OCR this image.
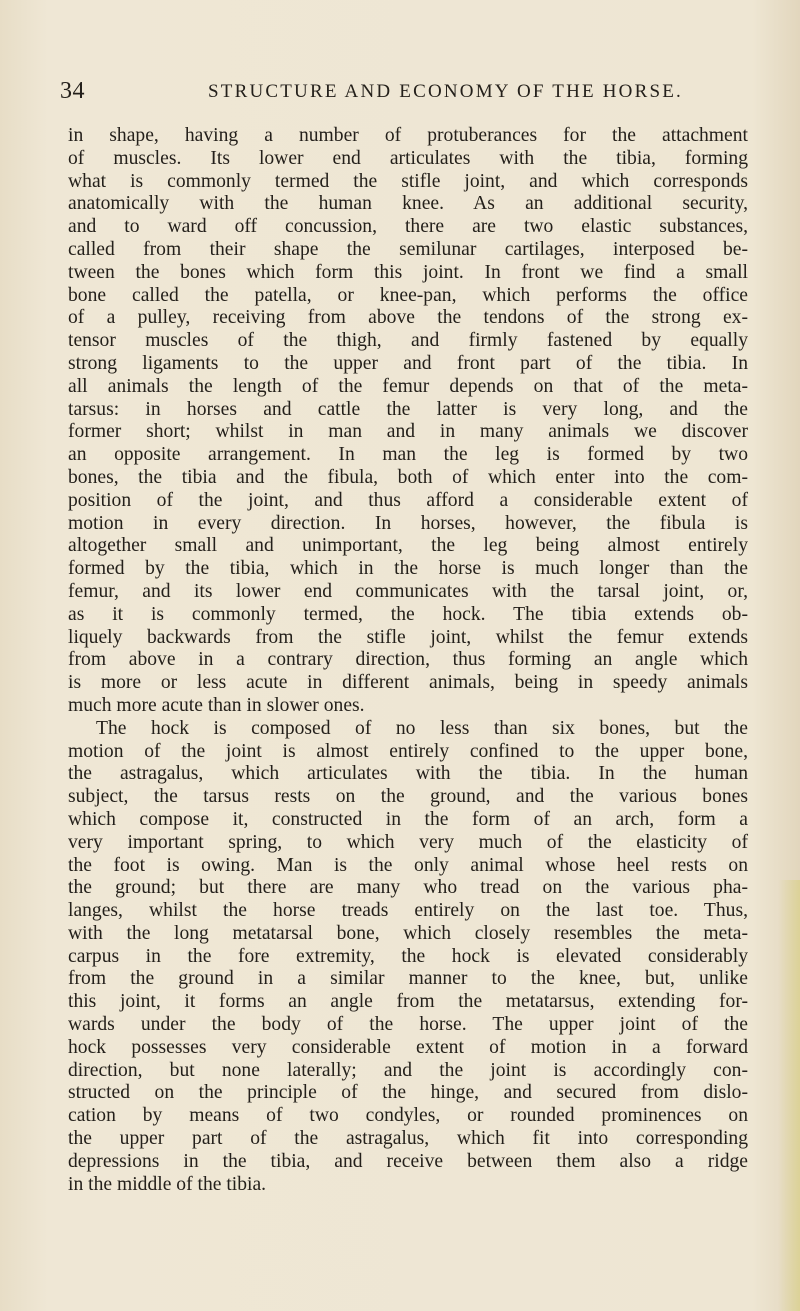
34	STRUCTURE AND ECONOMY OF THE HORSE.
in shape, having a number of protuberances for the attachment
of muscles. Its lower end articulates with the tibia, forming
what is commonly termed the stifle joint, and which corresponds
anatomically with the human knee. As an additional security,
and to ward off concussion, there are two elastic substances,
called from their shape the semilunar cartilages, interposed be-
tween the bones which form this joint. In front we find a small
bone called the patella, or knee-pan, which performs the office
of a pulley, receiving from above the tendons of the strong ex-
tensor muscles of the thigh, and firmly fastened by equally
strong ligaments to the upper and front part of the tibia. In
all animals the length of the femur depends on that of the meta-
tarsus: in horses and cattle the latter is very long, and the
former short; whilst in man and in many animals we discover
an opposite arrangement. In man the leg is formed by two
bones, the tibia and the fibula, both of which enter into the com-
position of the joint, and thus afford a considerable extent of
motion in every direction. In horses, however, the fibula is
altogether small and unimportant, the leg being almost entirely
formed by the tibia, which in the horse is much longer than the
femur, and its lower end communicates with the tarsal joint, or,
as it is commonly termed, the hock. The tibia extends ob-
liquely backwards from the stifle joint, whilst the femur extends
from above in a contrary direction, thus forming an angle which
is more or less acute in different animals, being in speedy animals
much more acute than in slower ones.
The hock is composed of no less than six bones, but the
motion of the joint is almost entirely confined to the upper bone,
the astragalus, which articulates with the tibia. In the human
subject, the tarsus rests on the ground, and the various bones
which compose it, constructed in the form of an arch, form a
very important spring, to which very much of the elasticity of
the foot is owing. Man is the only animal whose heel rests on
the ground; but there are many who tread on the various pha-
langes, whilst the horse treads entirely on the last toe. Thus,
with the long metatarsal bone, which closely resembles the meta-
carpus in the fore extremity, the hock is elevated considerably
from the ground in a similar manner to the knee, but, unlike
this joint, it forms an angle from the metatarsus, extending for-
wards under the body of the horse. The upper joint of the
hock possesses very considerable extent of motion in a forward
direction, but none laterally; and the joint is accordingly con-
structed on the principle of the hinge, and secured from dislo-
cation by means of two condyles, or rounded prominences on
the upper part of the astragalus, which fit into corresponding
depressions in the tibia, and receive between them also a ridge
in the middle of the tibia.
